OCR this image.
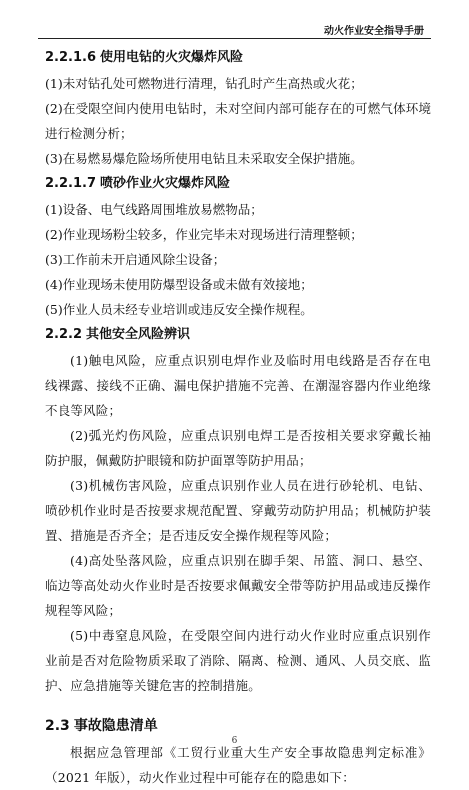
动火作业安全指导手册
2.2.1.6 使用电钻的火灾爆炸风险

(1)未对钻孔处可燃物进行清理，钻孔时产生高热或火花；

(2)在受限空间内使用电钻时，未对空间内部可能存在的可燃气体环境进行检测分析；

(3)在易燃易爆危险场所使用电钻且未采取安全保护措施。

2.2.1.7 喷砂作业火灾爆炸风险

(1)设备、电气线路周围堆放易燃物品；

(2)作业现场粉尘较多，作业完毕未对现场进行清理整顿；

(3)工作前未开启通风除尘设备；

(4)作业现场未使用防爆型设备或未做有效接地；

(5)作业人员未经专业培训或违反安全操作规程。

2.2.2 其他安全风险辨识

(1)触电风险，应重点识别电焊作业及临时用电线路是否存在电线裸露、接线不正确、漏电保护措施不完善、在潮湿容器内作业绝缘不良等风险；

(2)弧光灼伤风险，应重点识别电焊工是否按相关要求穿戴长袖防护服，佩戴防护眼镜和防护面罩等防护用品；

(3)机械伤害风险，应重点识别作业人员在进行砂轮机、电钻、喷砂机作业时是否按要求规范配置、穿戴劳动防护用品；机械防护装置、措施是否齐全；是否违反安全操作规程等风险；

(4)高处坠落风险，应重点识别在脚手架、吊篮、洞口、悬空、临边等高处动火作业时是否按要求佩戴安全带等防护用品或违反操作规程等风险；

(5)中毒窒息风险，在受限空间内进行动火作业时应重点识别作业前是否对危险物质采取了消除、隔离、检测、通风、人员交底、监护、应急措施等关键危害的控制措施。

2.3 事故隐患清单

根据应急管理部《工贸行业重大生产安全事故隐患判定标准》（2021 年版），动火作业过程中可能存在的隐患如下：

6
